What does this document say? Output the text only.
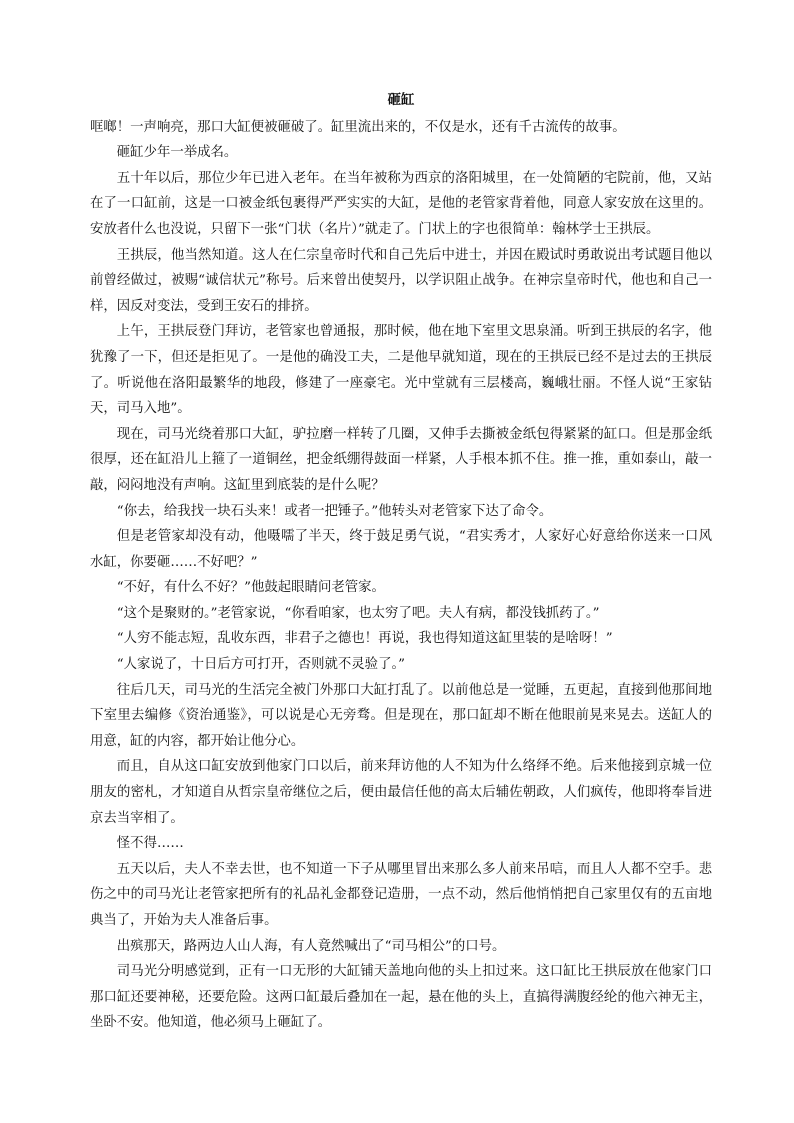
砸缸

哐啷！一声响亮，那口大缸便被砸破了。缸里流出来的，不仅是水，还有千古流传的故事。

砸缸少年一举成名。

五十年以后，那位少年已进入老年。在当年被称为西京的洛阳城里，在一处简陋的宅院前，他，又站在了一口缸前，这是一口被金纸包裹得严严实实的大缸，是他的老管家背着他，同意人家安放在这里的。安放者什么也没说，只留下一张“门状（名片）”就走了。门状上的字也很简单：翰林学士王拱辰。

王拱辰，他当然知道。这人在仁宗皇帝时代和自己先后中进士，并因在殿试时勇敢说出考试题目他以前曾经做过，被赐“诚信状元”称号。后来曾出使契丹，以学识阻止战争。在神宗皇帝时代，他也和自己一样，因反对变法，受到王安石的排挤。

上午，王拱辰登门拜访，老管家也曾通报，那时候，他在地下室里文思泉涌。听到王拱辰的名字，他犹豫了一下，但还是拒见了。一是他的确没工夫，二是他早就知道，现在的王拱辰已经不是过去的王拱辰了。听说他在洛阳最繁华的地段，修建了一座豪宅。光中堂就有三层楼高，巍峨壮丽。不怪人说“王家钻天，司马入地”。

现在，司马光绕着那口大缸，驴拉磨一样转了几圈，又伸手去撕被金纸包得紧紧的缸口。但是那金纸很厚，还在缸沿儿上箍了一道铜丝，把金纸绷得鼓面一样紧，人手根本抓不住。推一推，重如泰山，敲一敲，闷闷地没有声响。这缸里到底装的是什么呢？

“你去，给我找一块石头来！或者一把锤子。”他转头对老管家下达了命令。

但是老管家却没有动，他嗫嚅了半天，终于鼓足勇气说，“君实秀才，人家好心好意给你送来一口风水缸，你要砸……不好吧？”

“不好，有什么不好？”他鼓起眼睛问老管家。

“这个是聚财的。”老管家说，“你看咱家，也太穷了吧。夫人有病，都没钱抓药了。”

“人穷不能志短，乱收东西，非君子之德也！再说，我也得知道这缸里装的是啥呀！”

“人家说了，十日后方可打开，否则就不灵验了。”

往后几天，司马光的生活完全被门外那口大缸打乱了。以前他总是一觉睡，五更起，直接到他那间地下室里去编修《资治通鉴》，可以说是心无旁骛。但是现在，那口缸却不断在他眼前晃来晃去。送缸人的用意，缸的内容，都开始让他分心。

而且，自从这口缸安放到他家门口以后，前来拜访他的人不知为什么络绎不绝。后来他接到京城一位朋友的密札，才知道自从哲宗皇帝继位之后，便由最信任他的高太后辅佐朝政，人们疯传，他即将奉旨进京去当宰相了。

怪不得……

五天以后，夫人不幸去世，也不知道一下子从哪里冒出来那么多人前来吊唁，而且人人都不空手。悲伤之中的司马光让老管家把所有的礼品礼金都登记造册，一点不动，然后他悄悄把自己家里仅有的五亩地典当了，开始为夫人准备后事。

出殡那天，路两边人山人海，有人竟然喊出了“司马相公”的口号。

司马光分明感觉到，正有一口无形的大缸铺天盖地向他的头上扣过来。这口缸比王拱辰放在他家门口那口缸还要神秘，还要危险。这两口缸最后叠加在一起，悬在他的头上，直搞得满腹经纶的他六神无主，坐卧不安。他知道，他必须马上砸缸了。
